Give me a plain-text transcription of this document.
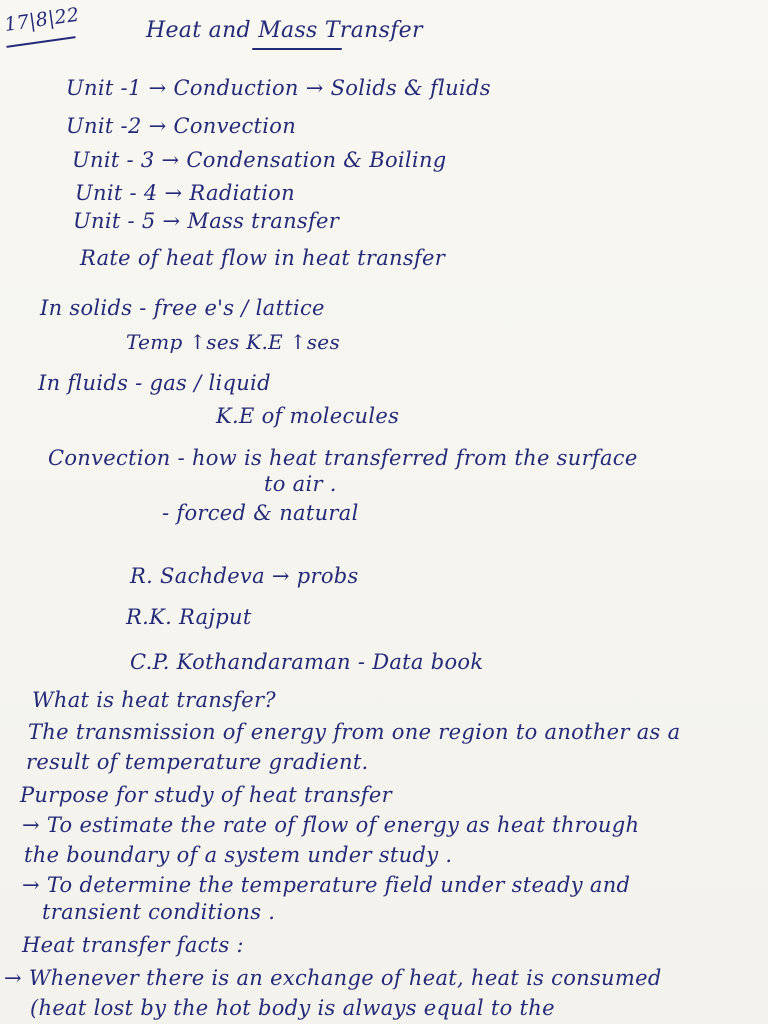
17|8|22	Heat and Mass Transfer
Unit -1 → Conduction → Solids & fluids
Unit -2 → Convection
Unit - 3 → Condensation & Boiling
Unit - 4 → Radiation
Unit - 5 → Mass transfer
Rate of heat flow in heat transfer
In solids - free e's / lattice
Temp ↑ses K.E ↑ses
In fluids - gas / liquid
K.E of molecules
Convection - how is heat transferred from the surface
to air .
- forced & natural
R. Sachdeva → probs
R.K. Rajput
C.P. Kothandaraman - Data book
What is heat transfer?
The transmission of energy from one region to another as a
result of temperature gradient.
Purpose for study of heat transfer
→ To estimate the rate of flow of energy as heat through
the boundary of a system under study .
→ To determine the temperature field under steady and
transient conditions .
Heat transfer facts :
→ Whenever there is an exchange of heat, heat is consumed
(heat lost by the hot body is always equal to the
